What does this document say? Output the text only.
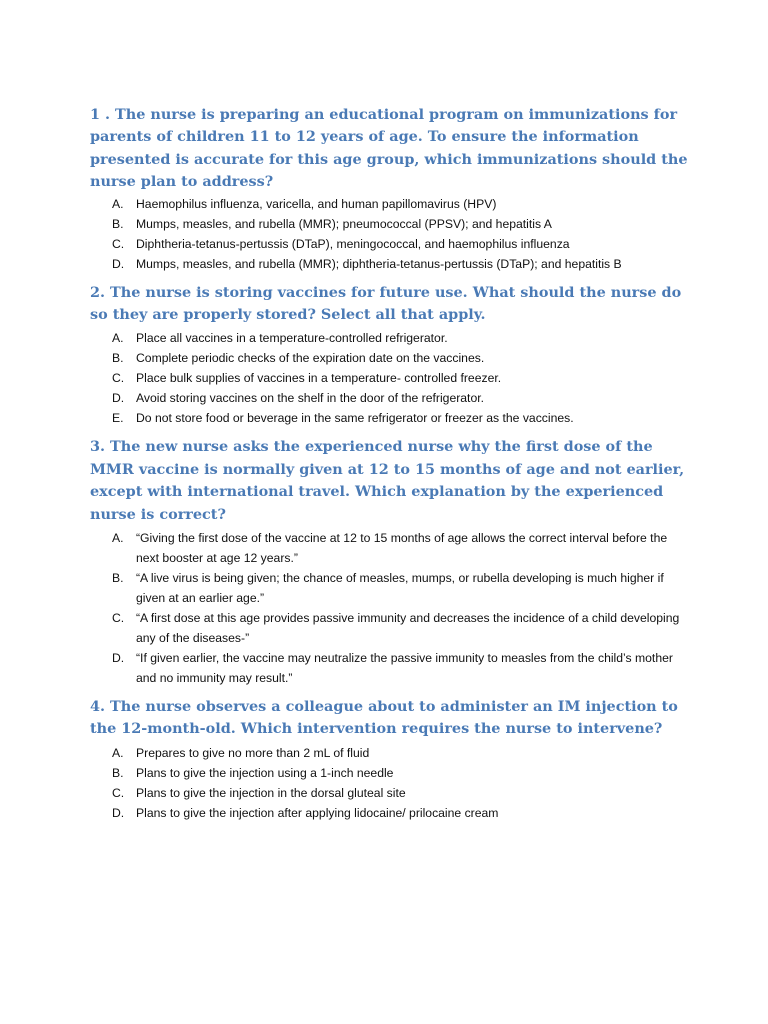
1 . The nurse is preparing an educational program on immunizations for parents of children 11 to 12 years of age. To ensure the information presented is accurate for this age group, which immunizations should the nurse plan to address?

A. Haemophilus influenza, varicella, and human papillomavirus (HPV)
B. Mumps, measles, and rubella (MMR); pneumococcal (PPSV); and hepatitis A
C. Diphtheria-tetanus-pertussis (DTaP), meningococcal, and haemophilus influenza
D. Mumps, measles, and rubella (MMR); diphtheria-tetanus-pertussis (DTaP); and hepatitis B

2. The nurse is storing vaccines for future use. What should the nurse do so they are properly stored? Select all that apply.

A. Place all vaccines in a temperature-controlled refrigerator.
B. Complete periodic checks of the expiration date on the vaccines.
C. Place bulk supplies of vaccines in a temperature- controlled freezer.
D. Avoid storing vaccines on the shelf in the door of the refrigerator.
E. Do not store food or beverage in the same refrigerator or freezer as the vaccines.

3. The new nurse asks the experienced nurse why the first dose of the MMR vaccine is normally given at 12 to 15 months of age and not earlier, except with international travel. Which explanation by the experienced nurse is correct?

A. “Giving the first dose of the vaccine at 12 to 15 months of age allows the correct interval before the next booster at age 12 years.”
B. “A live virus is being given; the chance of measles, mumps, or rubella developing is much higher if given at an earlier age.”
C. “A first dose at this age provides passive immunity and decreases the incidence of a child developing any of the diseases-”
D. “If given earlier, the vaccine may neutralize the passive immunity to measles from the child’s mother and no immunity may result.”

4. The nurse observes a colleague about to administer an IM injection to the 12-month-old. Which intervention requires the nurse to intervene?

A. Prepares to give no more than 2 mL of fluid
B. Plans to give the injection using a 1-inch needle
C. Plans to give the injection in the dorsal gluteal site
D. Plans to give the injection after applying lidocaine/ prilocaine cream
